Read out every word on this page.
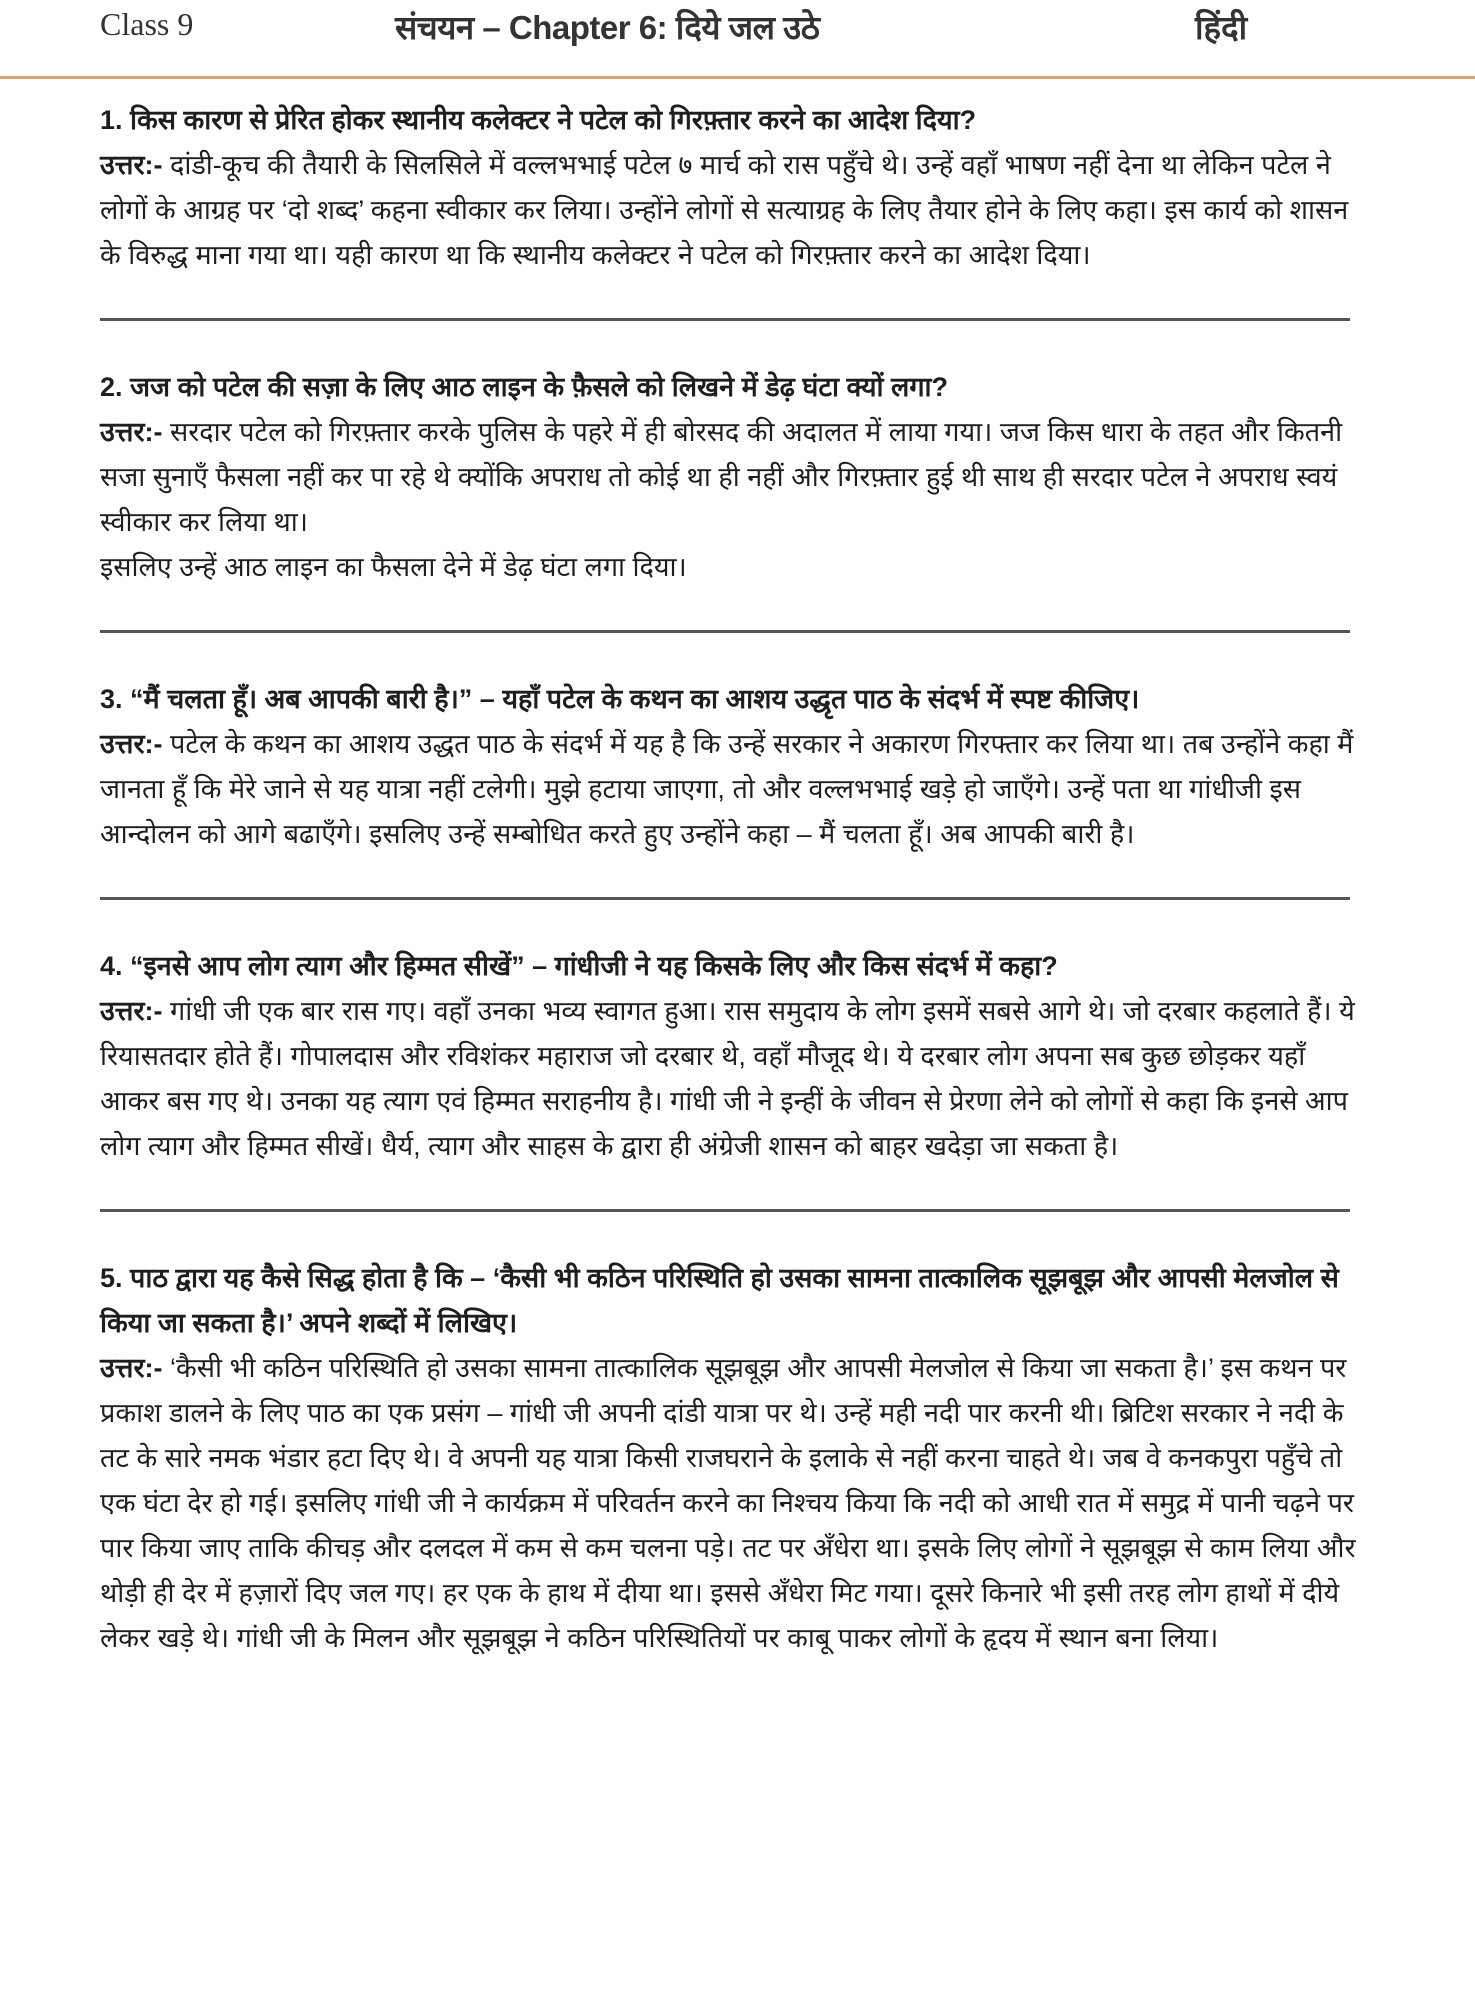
Class 9	संचयन – Chapter 6: दिये जल उठे	हिंदी
1. किस कारण से प्रेरित होकर स्थानीय कलेक्टर ने पटेल को गिरफ़्तार करने का आदेश दिया?

उत्तर:- दांडी-कूच की तैयारी के सिलसिले में वल्लभभाई पटेल ७ मार्च को रास पहुँचे थे। उन्हें वहाँ भाषण नहीं देना था लेकिन पटेल ने लोगों के आग्रह पर ‘दो शब्द’ कहना स्वीकार कर लिया। उन्होंने लोगों से सत्याग्रह के लिए तैयार होने के लिए कहा। इस कार्य को शासन के विरुद्ध माना गया था। यही कारण था कि स्थानीय कलेक्टर ने पटेल को गिरफ़्तार करने का आदेश दिया।

2. जज को पटेल की सज़ा के लिए आठ लाइन के फ़ैसले को लिखने में डेढ़ घंटा क्यों लगा?

उत्तर:- सरदार पटेल को गिरफ़्तार करके पुलिस के पहरे में ही बोरसद की अदालत में लाया गया। जज किस धारा के तहत और कितनी सजा सुनाएँ फैसला नहीं कर पा रहे थे क्योंकि अपराध तो कोई था ही नहीं और गिरफ़्तार हुई थी साथ ही सरदार पटेल ने अपराध स्वयं स्वीकार कर लिया था।

इसलिए उन्हें आठ लाइन का फैसला देने में डेढ़ घंटा लगा दिया।

3. “मैं चलता हूँ। अब आपकी बारी है।” – यहाँ पटेल के कथन का आशय उद्धृत पाठ के संदर्भ में स्पष्ट कीजिए।

उत्तर:- पटेल के कथन का आशय उद्धत पाठ के संदर्भ में यह है कि उन्हें सरकार ने अकारण गिरफ्तार कर लिया था। तब उन्होंने कहा मैं जानता हूँ कि मेरे जाने से यह यात्रा नहीं टलेगी। मुझे हटाया जाएगा, तो और वल्लभभाई खड़े हो जाएँगे। उन्हें पता था गांधीजी इस आन्दोलन को आगे बढाएँगे। इसलिए उन्हें सम्बोधित करते हुए उन्होंने कहा – मैं चलता हूँ। अब आपकी बारी है।

4. “इनसे आप लोग त्याग और हिम्मत सीखें” – गांधीजी ने यह किसके लिए और किस संदर्भ में कहा?

उत्तर:- गांधी जी एक बार रास गए। वहाँ उनका भव्य स्वागत हुआ। रास समुदाय के लोग इसमें सबसे आगे थे। जो दरबार कहलाते हैं। ये रियासतदार होते हैं। गोपालदास और रविशंकर महाराज जो दरबार थे, वहाँ मौजूद थे। ये दरबार लोग अपना सब कुछ छोड़कर यहाँ आकर बस गए थे। उनका यह त्याग एवं हिम्मत सराहनीय है। गांधी जी ने इन्हीं के जीवन से प्रेरणा लेने को लोगों से कहा कि इनसे आप लोग त्याग और हिम्मत सीखें। धैर्य, त्याग और साहस के द्वारा ही अंग्रेजी शासन को बाहर खदेड़ा जा सकता है।

5. पाठ द्वारा यह कैसे सिद्ध होता है कि – ‘कैसी भी कठिन परिस्थिति हो उसका सामना तात्कालिक सूझबूझ और आपसी मेलजोल से किया जा सकता है।’ अपने शब्दों में लिखिए।

उत्तर:- ‘कैसी भी कठिन परिस्थिति हो उसका सामना तात्कालिक सूझबूझ और आपसी मेलजोल से किया जा सकता है।’ इस कथन पर प्रकाश डालने के लिए पाठ का एक प्रसंग – गांधी जी अपनी दांडी यात्रा पर थे। उन्हें मही नदी पार करनी थी। ब्रिटिश सरकार ने नदी के तट के सारे नमक भंडार हटा दिए थे। वे अपनी यह यात्रा किसी राजघराने के इलाके से नहीं करना चाहते थे। जब वे कनकपुरा पहुँचे तो एक घंटा देर हो गई। इसलिए गांधी जी ने कार्यक्रम में परिवर्तन करने का निश्चय किया कि नदी को आधी रात में समुद्र में पानी चढ़ने पर पार किया जाए ताकि कीचड़ और दलदल में कम से कम चलना पड़े। तट पर अँधेरा था। इसके लिए लोगों ने सूझबूझ से काम लिया और थोड़ी ही देर में हज़ारों दिए जल गए। हर एक के हाथ में दीया था। इससे अँधेरा मिट गया। दूसरे किनारे भी इसी तरह लोग हाथों में दीये लेकर खड़े थे। गांधी जी के मिलन और सूझबूझ ने कठिन परिस्थितियों पर काबू पाकर लोगों के हृदय में स्थान बना लिया।
